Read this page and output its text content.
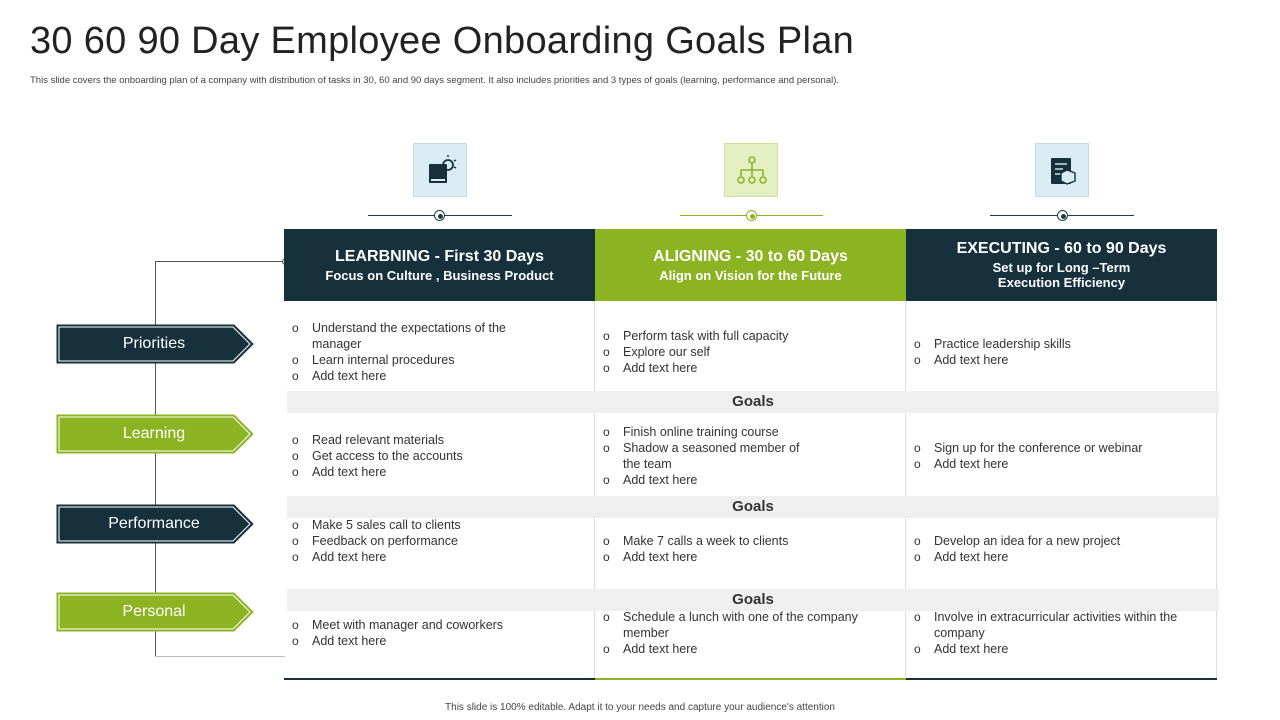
30 60 90 Day Employee Onboarding Goals Plan

This slide covers the onboarding plan of a company with distribution of tasks in 30, 60 and 90 days segment. It also includes priorities and 3 types of goals (learning, performance and personal).

Priorities
Learning
Performance
Personal
LEARBNING - First 30 Days
Focus on Culture , Business Product
ALIGNING - 30 to 60 Days
Align on Vision for the Future
EXECUTING - 60 to 90 Days
Set up for Long –Term
Execution Efficiency
Goals
Goals
Goals
o Understand the expectations of the manager
o Learn internal procedures
o Add text here
o Perform task with full capacity
o Explore our self
o Add text here
o Practice leadership skills
o Add text here
o Read relevant materials
o Get access to the accounts
o Add text here
o Finish online training course
o Shadow a seasoned member of the team
o Add text here
o Sign up for the conference or webinar
o Add text here
o Make 5 sales call to clients
o Feedback on performance
o Add text here
o Make 7 calls a week to clients
o Add text here
o Develop an idea for a new project
o Add text here
o Meet with manager and coworkers
o Add text here
o Schedule a lunch with one of the company member
o Add text here
o Involve in extracurricular activities within the company
o Add text here

This slide is 100% editable. Adapt it to your needs and capture your audience's attention
